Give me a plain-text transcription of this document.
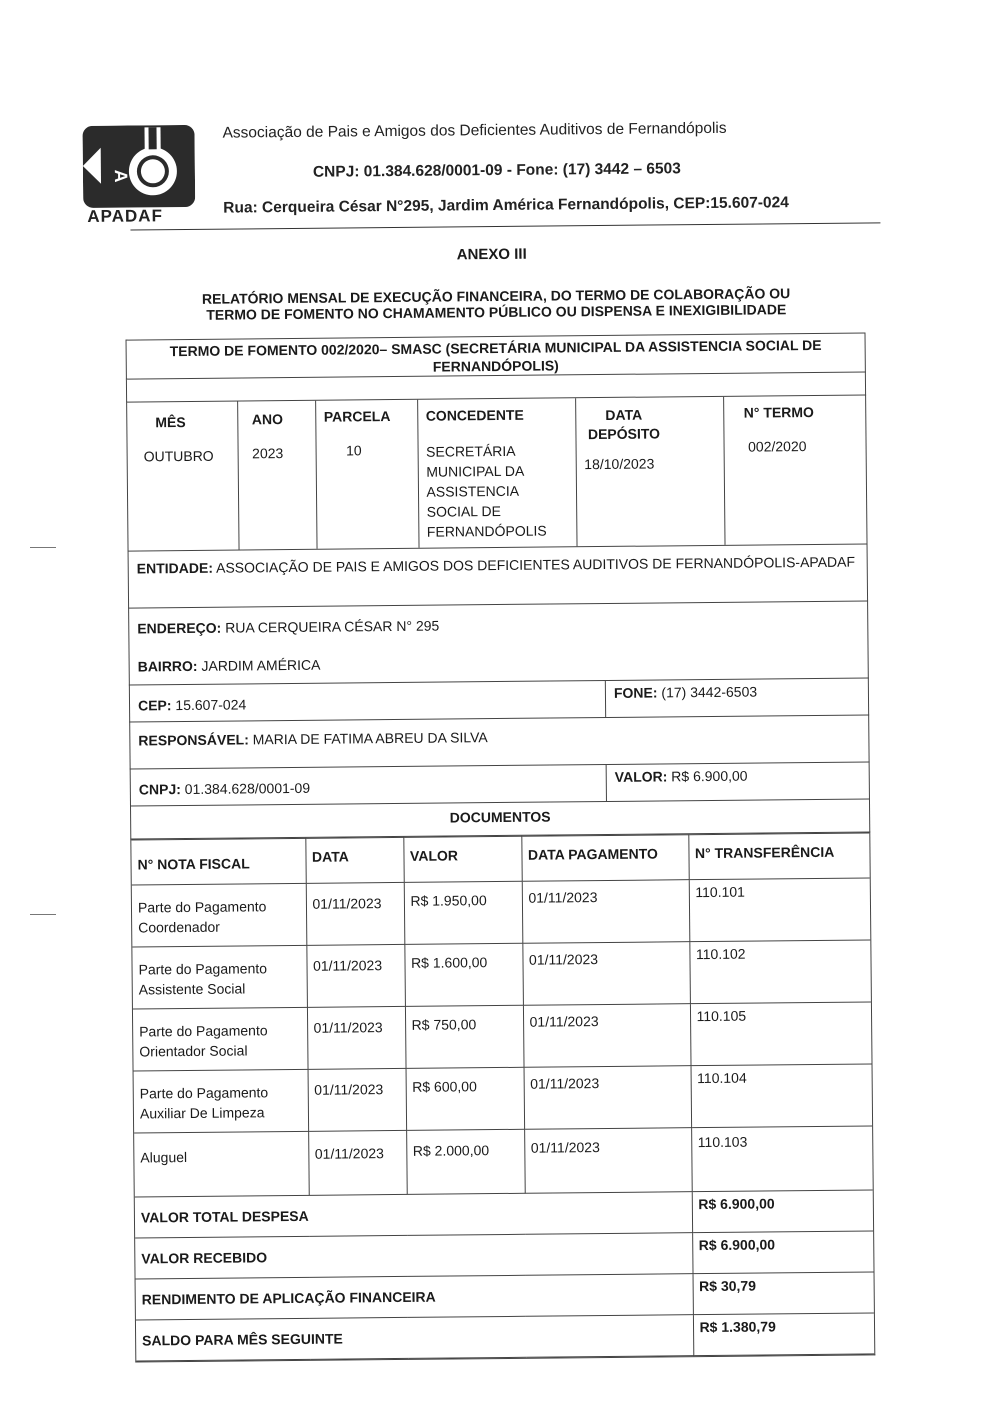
A
APADAF
Associação de Pais e Amigos dos Deficientes Auditivos de Fernandópolis
CNPJ: 01.384.628/0001-09 - Fone: (17) 3442 – 6503
Rua: Cerqueira César N°295, Jardim América Fernandópolis, CEP:15.607-024
ANEXO III
RELATÓRIO MENSAL DE EXECUÇÃO FINANCEIRA, DO TERMO DE COLABORAÇÃO OU
TERMO DE FOMENTO NO CHAMAMENTO PÚBLICO OU DISPENSA E INEXIGIBILIDADE
TERMO DE FOMENTO 002/2020– SMASC (SECRETÁRIA MUNICIPAL DA ASSISTENCIA SOCIAL DE FERNANDÓPOLIS)

MÊS
OUTUBRO

ANO
2023

PARCELA
10

CONCEDENTE
SECRETÁRIA MUNICIPAL DA ASSISTENCIA SOCIAL DE FERNANDÓPOLIS

DATA DEPÓSITO
18/10/2023

N° TERMO
002/2020

ENTIDADE: ASSOCIAÇÃO DE PAIS E AMIGOS DOS DEFICIENTES AUDITIVOS DE FERNANDÓPOLIS-APADAF

ENDEREÇO: RUA CERQUEIRA CÉSAR N° 295
BAIRRO: JARDIM AMÉRICA

CEP: 15.607-024
FONE: (17) 3442-6503

RESPONSÁVEL: MARIA DE FATIMA ABREU DA SILVA

CNPJ: 01.384.628/0001-09
VALOR: R$ 6.900,00

DOCUMENTOS

N° NOTA FISCAL	DATA	VALOR	DATA PAGAMENTO	N° TRANSFERÊNCIA
Parte do Pagamento Coordenador	01/11/2023	R$ 1.950,00	01/11/2023	110.101
Parte do Pagamento Assistente Social	01/11/2023	R$ 1.600,00	01/11/2023	110.102
Parte do Pagamento Orientador Social	01/11/2023	R$ 750,00	01/11/2023	110.105
Parte do Pagamento Auxiliar De Limpeza	01/11/2023	R$ 600,00	01/11/2023	110.104
Aluguel	01/11/2023	R$ 2.000,00	01/11/2023	110.103
VALOR TOTAL DESPESA	R$ 6.900,00
VALOR RECEBIDO	R$ 6.900,00
RENDIMENTO DE APLICAÇÃO FINANCEIRA	R$ 30,79
SALDO PARA MÊS SEGUINTE	R$ 1.380,79
